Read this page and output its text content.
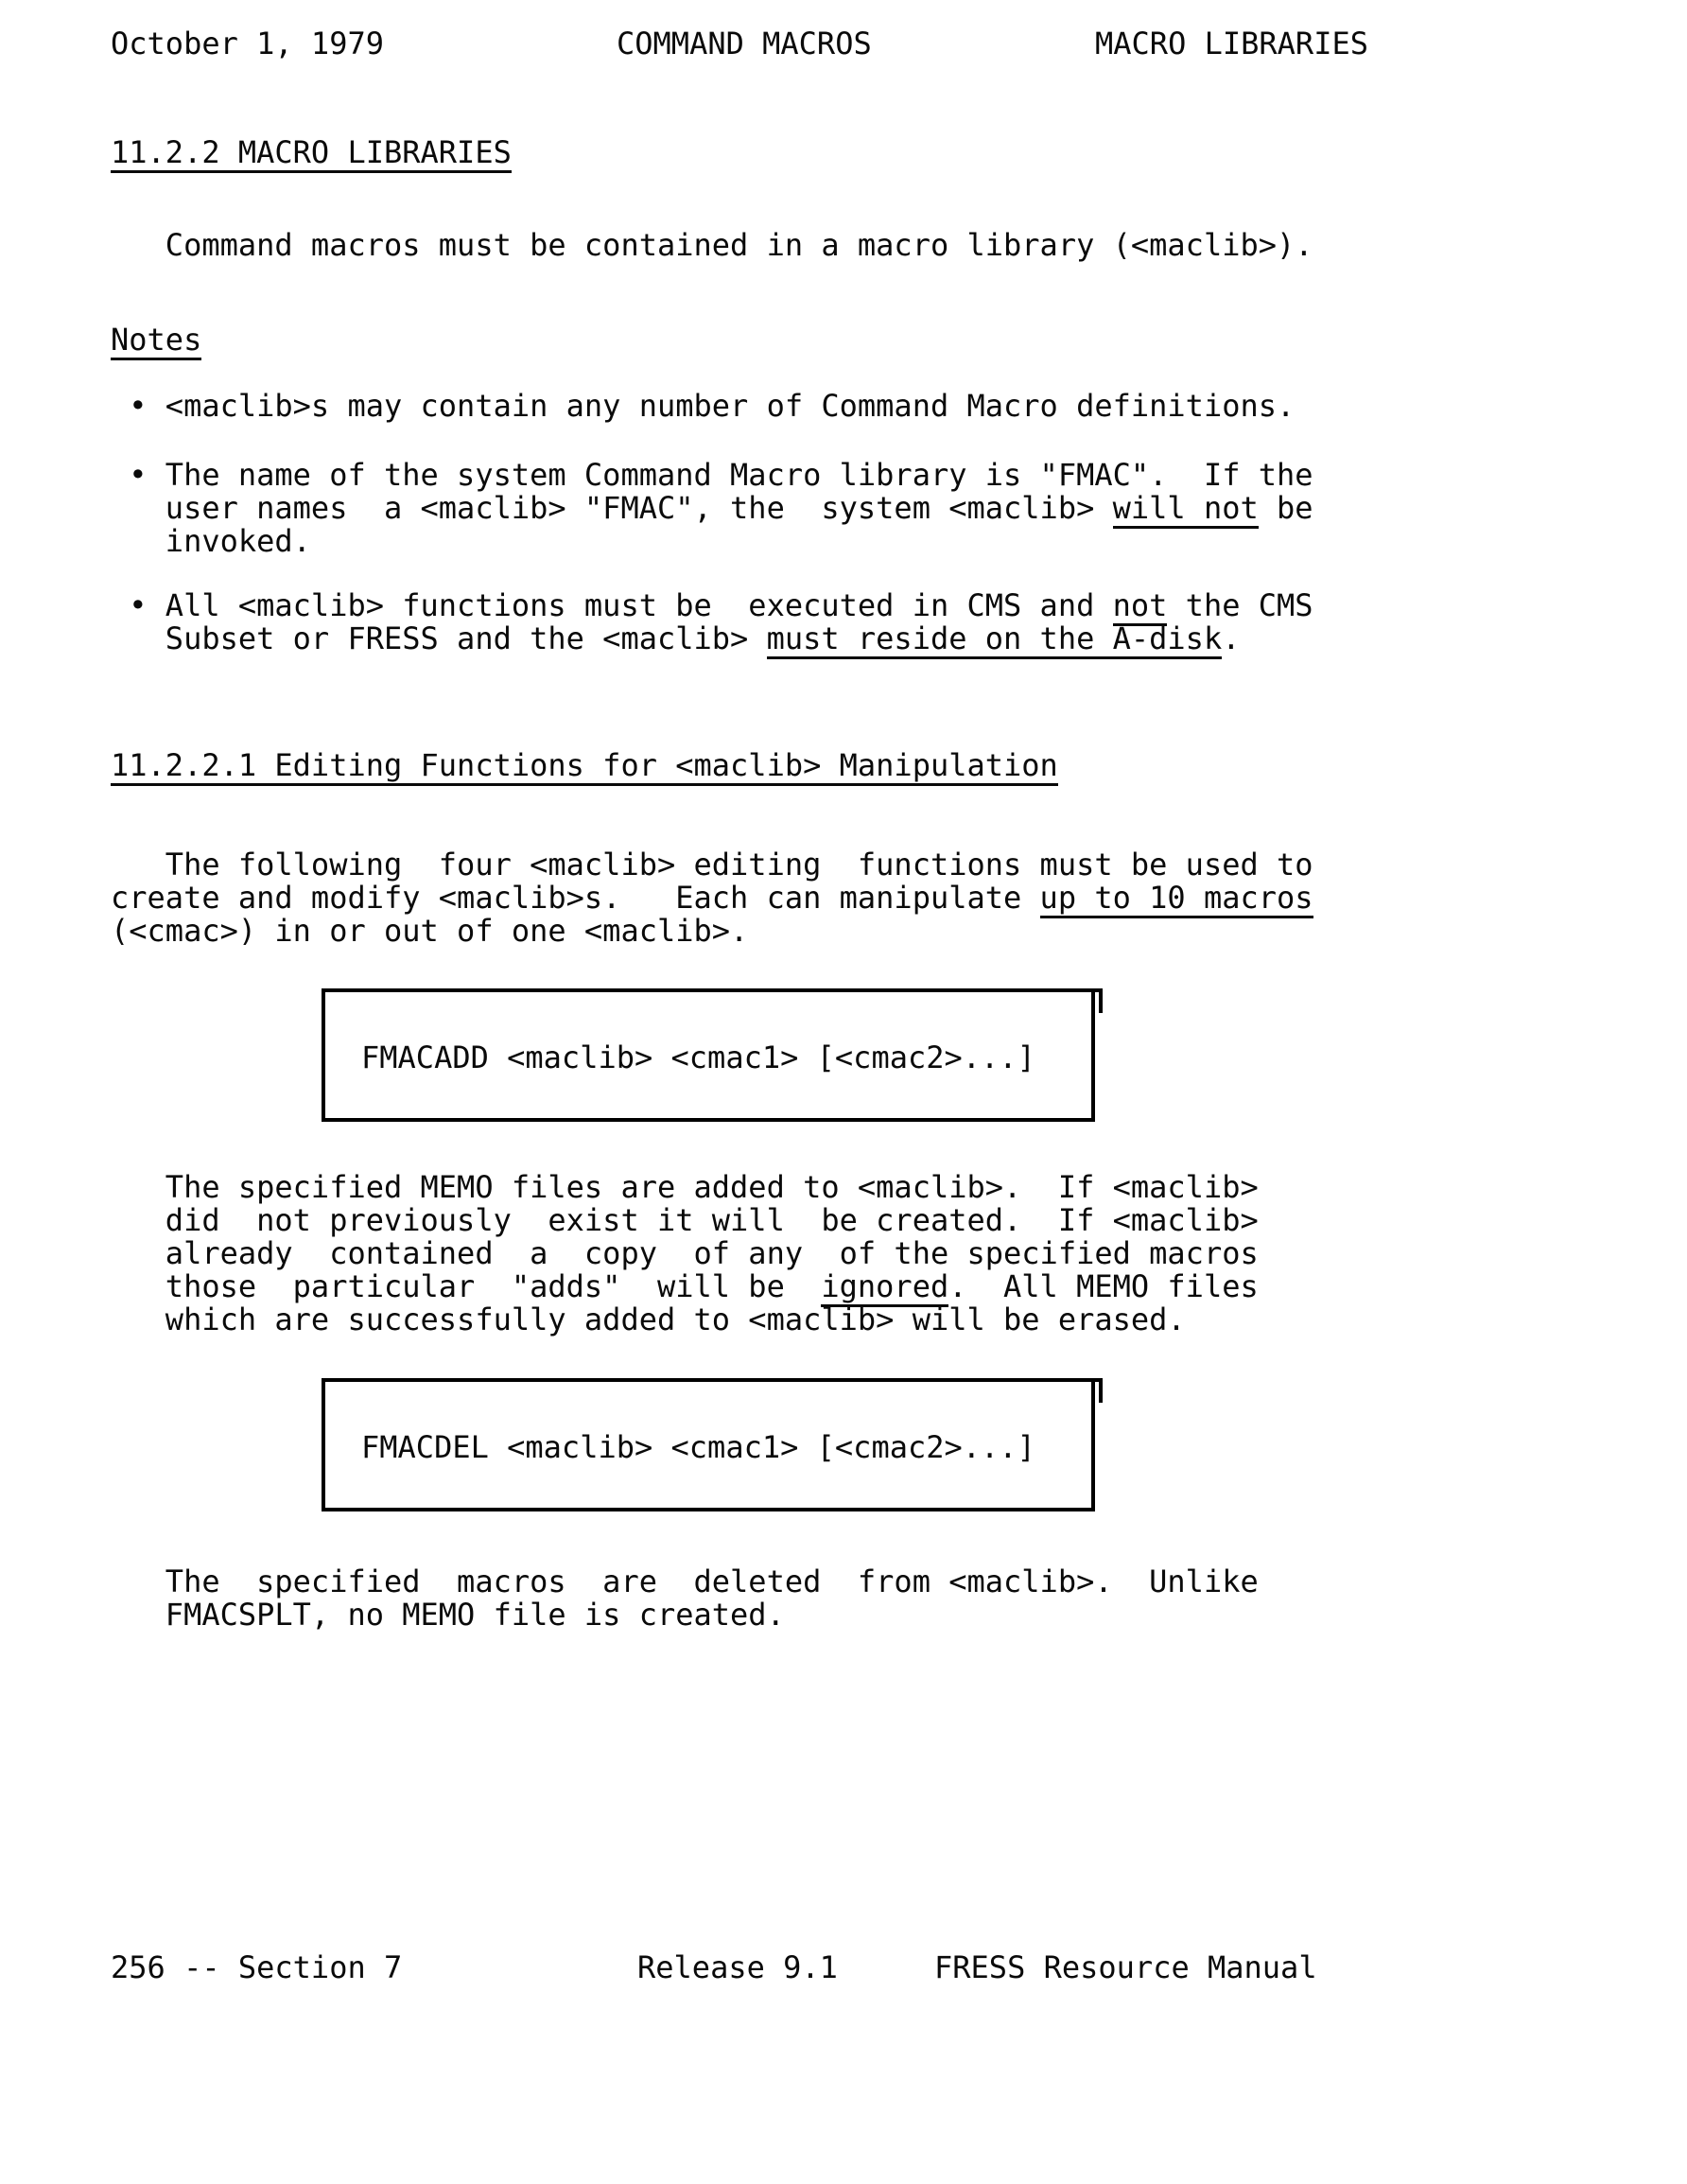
October 1, 1979	COMMAND MACROS	MACRO LIBRARIES
11.2.2 MACRO LIBRARIES
Command macros must be contained in a macro library (<maclib>).
Notes
• <maclib>s may contain any number of Command Macro definitions.
• The name of the system Command Macro library is "FMAC".  If the
user names  a <maclib> "FMAC", the  system <maclib> will not be
invoked.
• All <maclib> functions must be  executed in CMS and not the CMS
Subset or FRESS and the <maclib> must reside on the A-disk.
11.2.2.1 Editing Functions for <maclib> Manipulation
The following  four <maclib> editing  functions must be used to
create and modify <maclib>s.   Each can manipulate up to 10 macros
(<cmac>) in or out of one <maclib>.
The specified MEMO files are added to <maclib>.  If <maclib>
did  not previously  exist it will  be created.  If <maclib>
already  contained  a  copy  of any  of the specified macros
those  particular  "adds"  will be  ignored.  All MEMO files
which are successfully added to <maclib> will be erased.
The  specified  macros  are  deleted  from <maclib>.  Unlike
FMACSPLT, no MEMO file is created.
FMACADD <maclib> <cmac1> [<cmac2>...]
FMACDEL <maclib> <cmac1> [<cmac2>...]
256 -- Section 7	Release 9.1	FRESS Resource Manual
